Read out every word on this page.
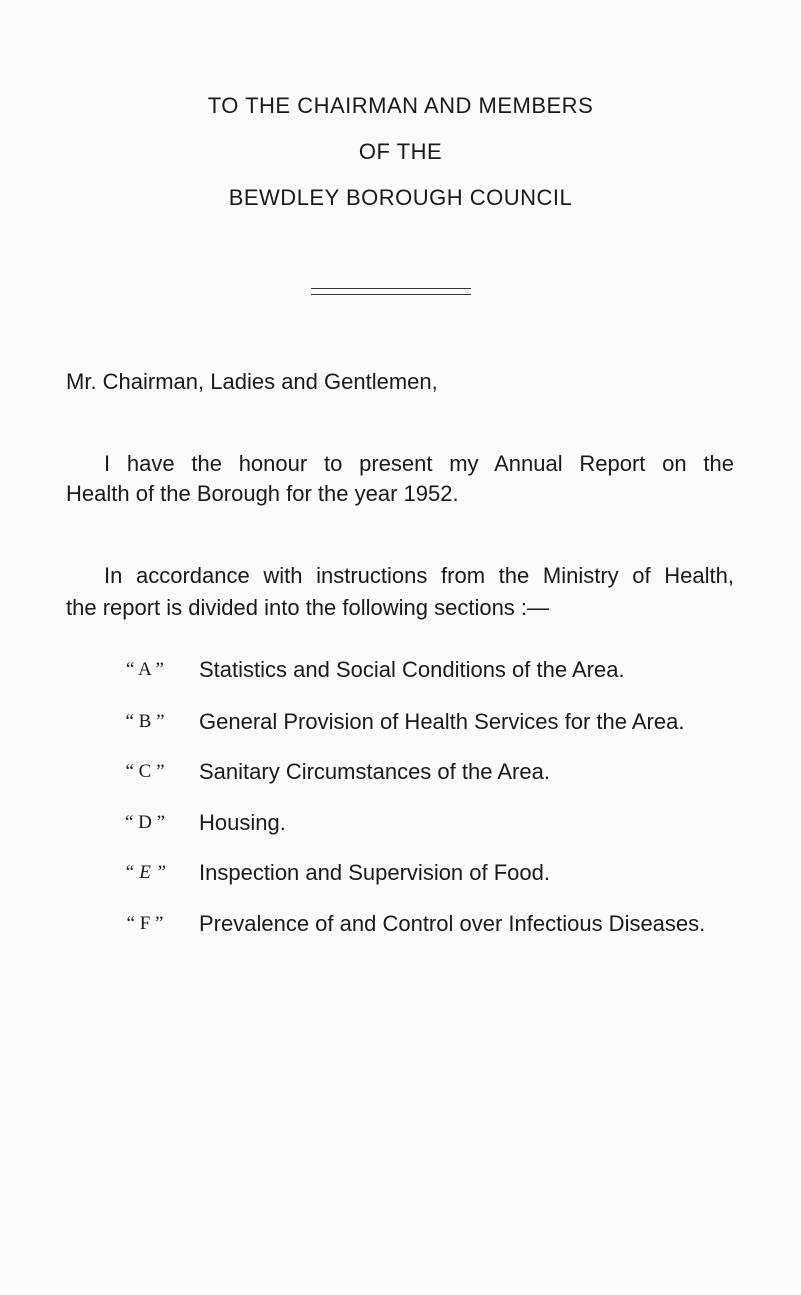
TO THE CHAIRMAN AND MEMBERS
OF THE
BEWDLEY BOROUGH COUNCIL
Mr. Chairman, Ladies and Gentlemen,
I have the honour to present my Annual Report on the
Health of the Borough for the year 1952.
In accordance with instructions from the Ministry of Health,
the report is divided into the following sections :—
“ A ”	Statistics and Social Conditions of the Area.
“ B ”	General Provision of Health Services for the Area.
“ C ”	Sanitary Circumstances of the Area.
“ D ”	Housing.
“ E ”	Inspection and Supervision of Food.
“ F ”	Prevalence of and Control over Infectious Diseases.
